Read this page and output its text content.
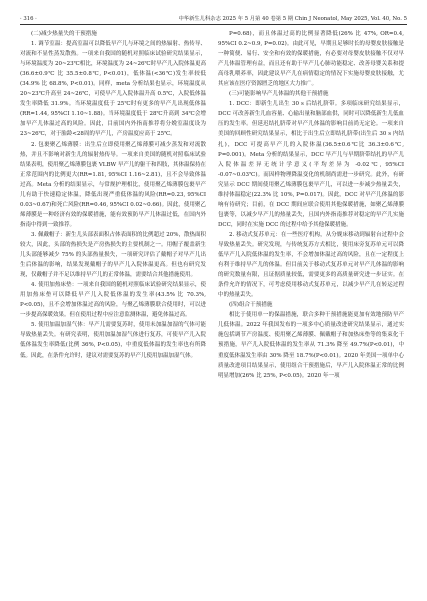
· 316 ·	中华新生儿科杂志 2025 年 5 月第 40 卷第 5 期 Chin J Neonatol, May 2025, Vol. 40, No. 5
(二)减少热量失的干预措施

1. 调节室温：提高室温可以降低早产儿与环境之间的热辐射、热传导、对流和不显性蒸发散热。一项来自我国的随机对照临床试验研究结果显示，与环境温度为 20~23℃相比，环境温度为 24~26℃时早产儿入院体温更高(36.6±0.9℃ 比 35.5±0.8℃, P<0.01)，低体温(<36℃)发生率较低(34.9% 比 68.8%, P<0.01)。同样，meta 分析结果也显示，环境温度从 20~23℃升高至 24~26℃，可使早产儿入院体温升高 0.5℃，入院低体温发生率降低 31.9%。当环境温度低于 25℃时有更多的早产儿出现低体温(RR=1.44, 95%CI 1.10~1.88)。当环境温度低于 28℃升高到 34℃会增加早产儿体温过高的风险。因此，目前国内外指南推荐将分娩室温度设为 23~26℃，对于胎龄<28周的早产儿，产房温度应高于 25℃。

2. 包裹聚乙烯薄膜：出生后立即使用聚乙烯薄膜可减少蒸发和对流散热，并且不影响对新生儿的辐射热传导。一项来自美国的随机对照临床试验结果表明，使用聚乙烯薄膜包裹 VLBW 早产儿的躯干和四肢，其体温保持在正常范围内的比例更大(RR=1.81, 95%CI 1.16~2.81)，且不会导致体温过高。Meta 分析的结果显示，与常规护理相比，使用聚乙烯薄膜包裹早产儿有助于快速稳定体温，降低出现严重低体温的风险(RR=0.23, 95%CI 0.03~0.67)和死亡风险(RR=0.46, 95%CI 0.02~0.66)。因此，使用聚乙烯薄膜是一种经济有效的保暖措施，能有效预防早产儿体温过低，在国内外指南中得到一致推荐。

3. 佩戴帽子：新生儿头部表面积占体表面积的比例超过 20%，散热面积较大，因此，头部的热损失是产房热损失的主要机制之一。用帽子覆盖新生儿头部能够减少 75% 的头部热量损失，一项研究评估了戴帽子对早产儿出生后体温的影响，结果发现戴帽子的早产儿入院体温更高。但也有研究发现，仅戴帽子并不足以维持早产儿的正常体温，需要结合其他措施使用。

4. 使用加热床垫：一项来自我国的随机对照临床试验研究结果显示，使用加热床垫可以降低早产儿入院低体温的发生率(43.5% 比 70.3%, P<0.05)，且不会增加体温过高的风险，与聚乙烯薄膜联合使用时，可以进一步提高保暖效果。但在使用过程中应注意监测体温，避免体温过高。

5. 使用加温加湿气体：早产儿需要复苏时，使用未加温加湿的气体可能导致热量丢失。有研究表明，使用加温加湿气体进行复苏，可使早产儿入院低体温发生率降低(比例 36%, P<0.05)，中重度低体温的发生率也有所降低。因此，在条件允许时，建议对需要复苏的早产儿使用加温加湿气体。

P=0.68)，而且体温过高的比例显著降低(26% 比 47%, OR=0.4, 95%CI 0.2~0.9, P=0.02)。由此可见，早期且足够时长的母婴皮肤接触是一种简便、易行、安全和有效的保暖措施，有必要对母婴皮肤接触不仅对早产儿体温管理有益，而且还有助于早产儿心肺功能稳定、改善母婴关系和提高母乳喂养率，因此建议早产儿在病情稳定的情况下实施母婴皮肤接触，尤其应该在医疗资源匮乏的地区大力推广。

(三)可能影响早产儿体温的其他干预措施

1. DCC：即新生儿出生 30 s 后结扎脐带。多项临床研究结果显示，DCC 可改善新生儿血容量、心输出量和脑部血供，同时可以降低新生儿低血压的发生率。但延迟结扎脐带对早产儿体温的影响目前尚无定论。一项来自美国的回顾性研究结果显示，相比于出生后立即结扎脐带(出生后 30 s 内结扎)，DCC 可提高早产儿的入院体温(36.5±0.6℃比 36.3±0.6℃, P=0.001)。Meta 分析的结果显示，DCC 早产儿与早期脐带结扎的早产儿入院体温差异无统计学意义(平均差异为 -0.02℃, 95%CI -0.07~0.03℃)。而因样物理降温变化的机制尚需进一步研究。此外，有研究显示 DCC 期间使用聚乙烯薄膜包裹早产儿，可以进一步减少热量丢失，维持体温稳定(22.3% 比 10%, P=0.017)。因此，DCC 对早产儿体温的影响有待研究；目前，在 DCC 期间应联合使用其他保暖措施，如聚乙烯薄膜包裹等，以减少早产儿的热量丢失，且国内外指南推荐对稳定的早产儿实施 DCC，同时在实施 DCC 的过程中给予其他保暖措施。

2. 移动式复苏单元：在一些医疗机构，从分娩床移动到辐射台过程中会导致热量丢失。研究发现，与传统复苏方式相比，使用床旁复苏单元可以降低早产儿入院低体温的发生率，不会增加体温过高的风险，且在一定程度上有利于维持早产儿的体温。但目前关于移动式复苏单元对早产儿体温的影响的研究数量有限，且证据质量较低，需要更多的高质量研究进一步证实。在条件允许的情况下，可考虑使用移动式复苏单元，以减少早产儿在转运过程中的热量丢失。

(四)组合干预措施

相比于使用单一的保温措施，联合多种干预措施能更加有效地预防早产儿低体温。2022 年我国发布的一项多中心质量改进研究结果显示，通过实施包括调节产房温度、使用聚乙烯薄膜、佩戴帽子和加热床垫等的集束化干预措施，早产儿入院低体温的发生率从 71.3% 降至 49.7%(P<0.01)，中重度低体温发生率由 30% 降至 18.7%(P<0.01)。2020 年美国一项单中心质量改进项目结果显示，使用组合干预措施后，早产儿入院体温正常的比例明显增加(26% 比 25%, P<0.05)。2020 年一项
